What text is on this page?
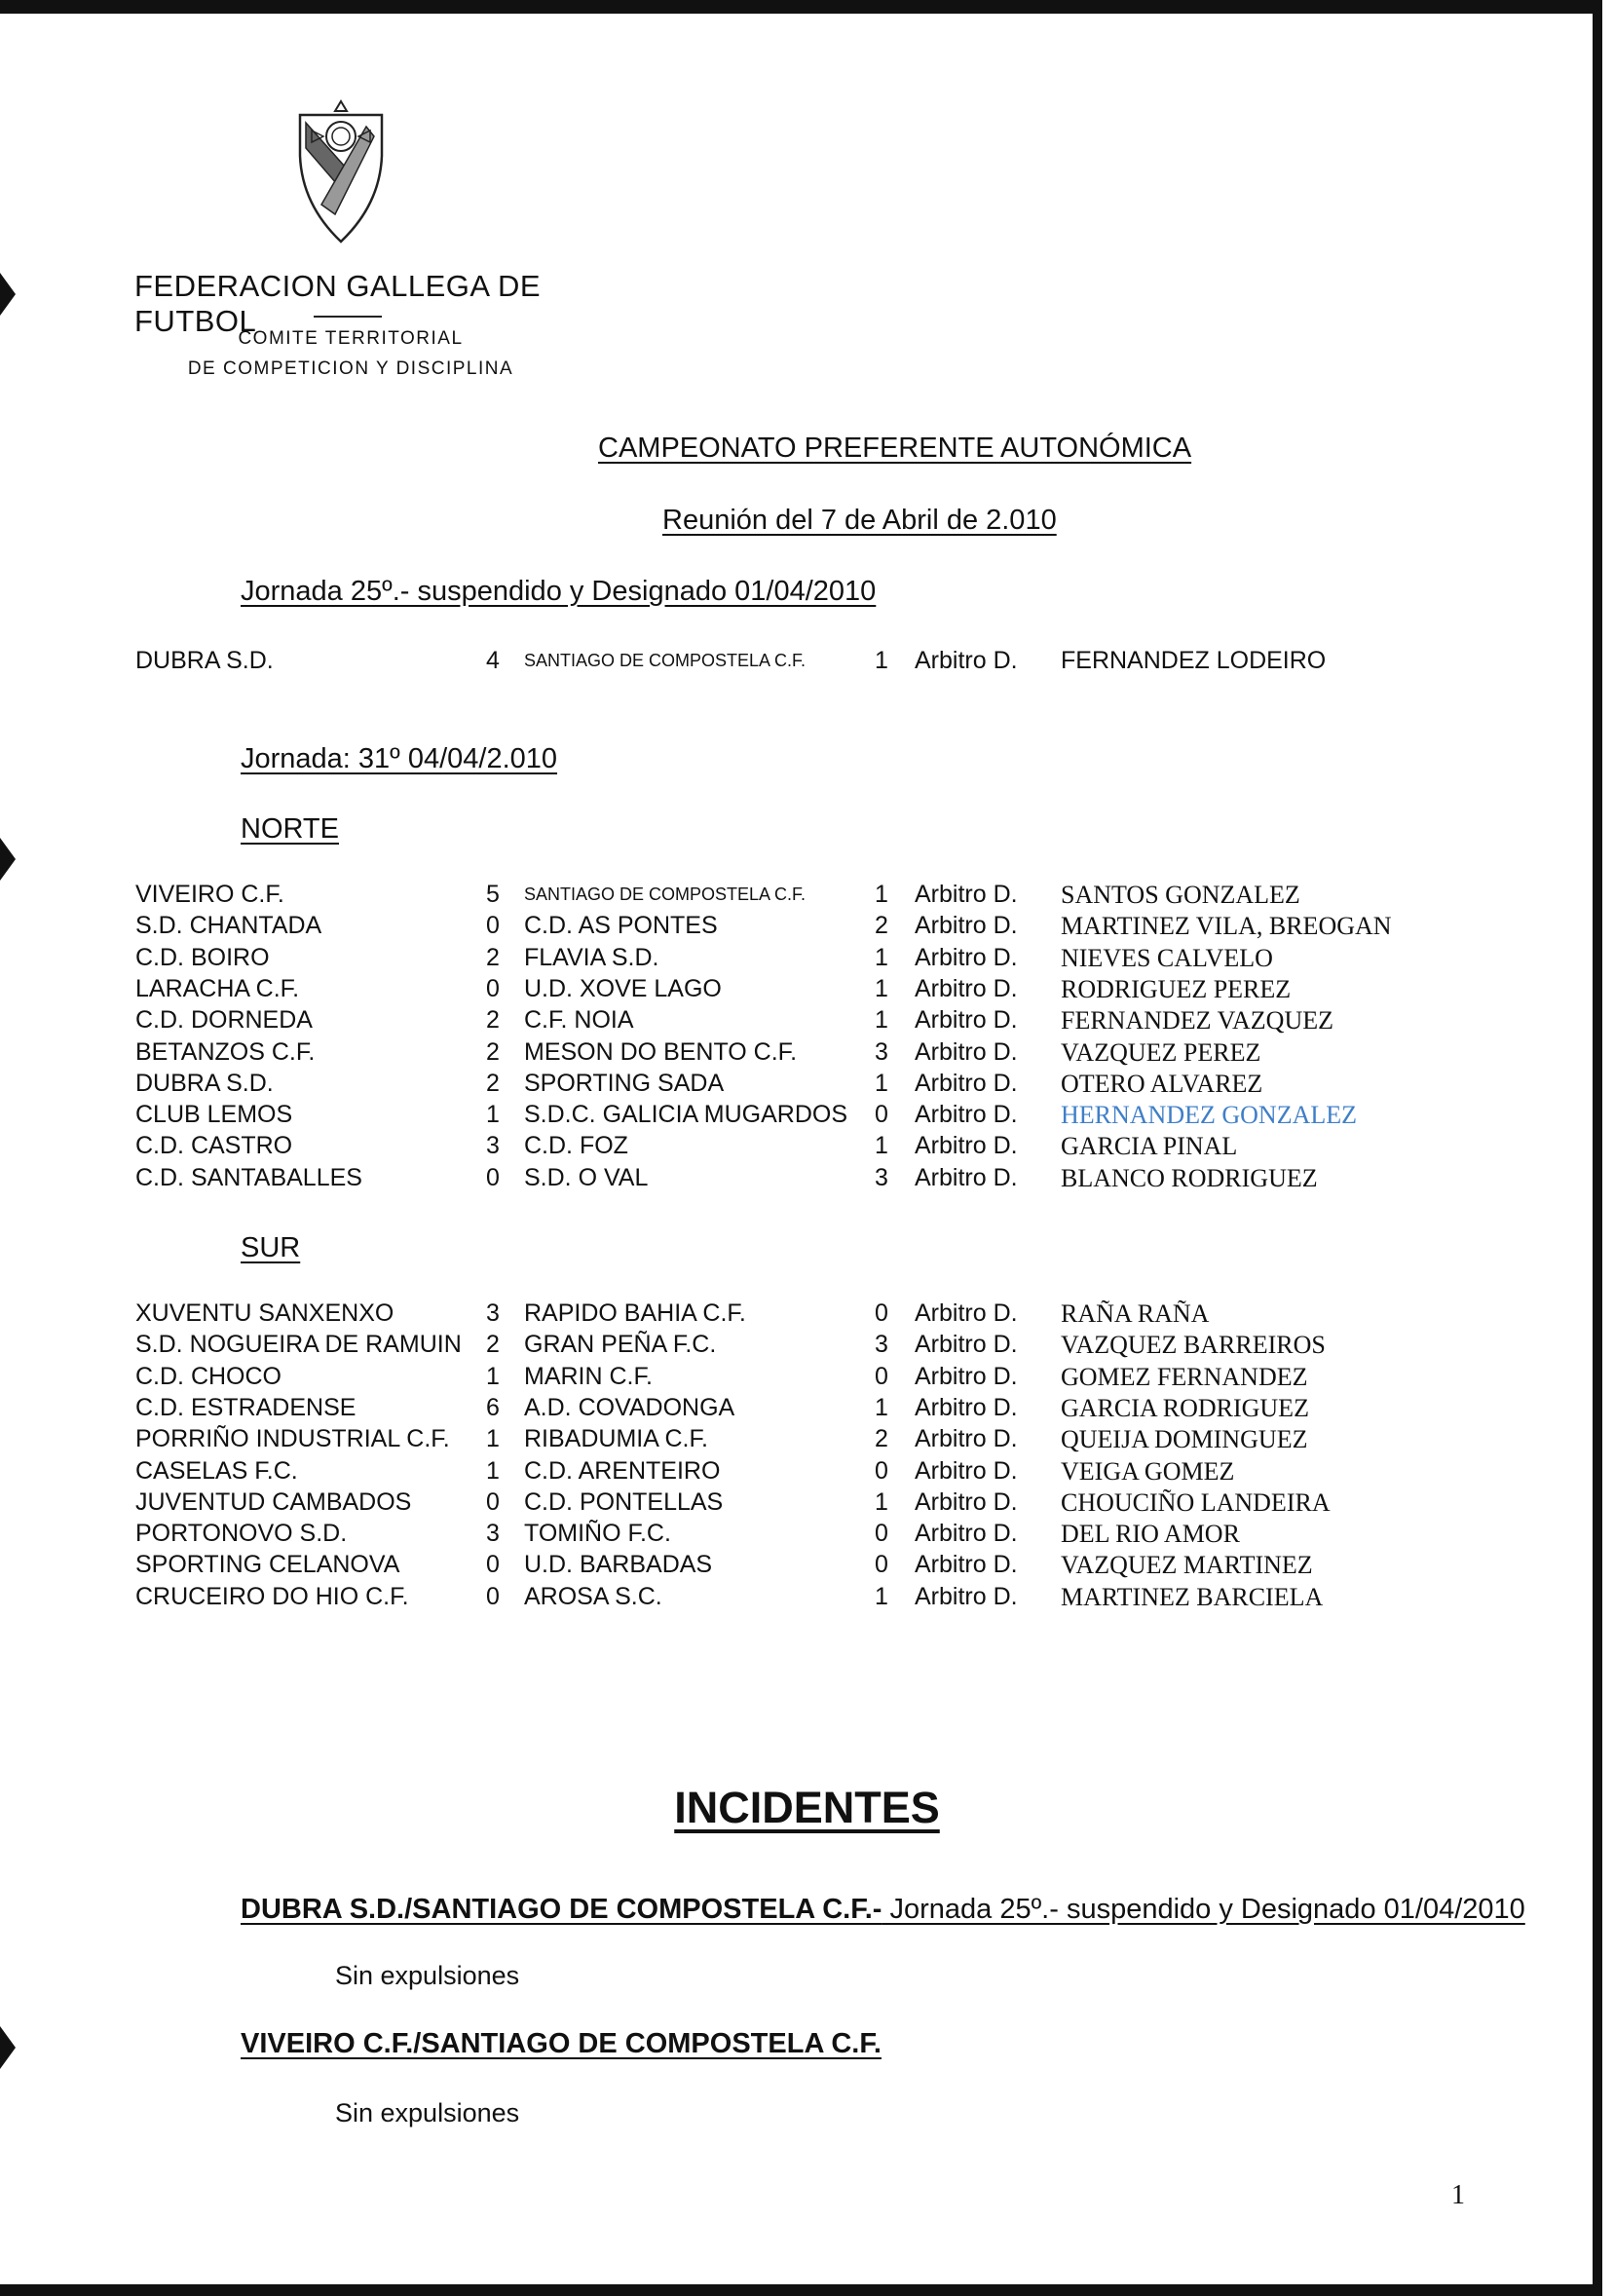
FEDERACION GALLEGA DE FUTBOL
COMITE TERRITORIAL
DE COMPETICION Y DISCIPLINA
CAMPEONATO PREFERENTE AUTONÓMICA
Reunión del 7 de Abril de 2.010
Jornada 25º.- suspendido y Designado 01/04/2010
DUBRA S.D.	4 SANTIAGO DE COMPOSTELA C.F.	1 Arbitro D. FERNANDEZ LODEIRO
Jornada: 31º 04/04/2.010
NORTE
VIVEIRO C.F.	5 SANTIAGO DE COMPOSTELA C.F.	1 Arbitro D. SANTOS GONZALEZ
S.D. CHANTADA	0 C.D. AS PONTES	2 Arbitro D. MARTINEZ VILA, BREOGAN
C.D. BOIRO	2 FLAVIA S.D.	1 Arbitro D. NIEVES CALVELO
LARACHA C.F.	0 U.D. XOVE LAGO	1 Arbitro D. RODRIGUEZ PEREZ
C.D. DORNEDA	2 C.F. NOIA	1 Arbitro D. FERNANDEZ VAZQUEZ
BETANZOS C.F.	2 MESON DO BENTO C.F.	3 Arbitro D. VAZQUEZ PEREZ
DUBRA S.D.	2 SPORTING SADA	1 Arbitro D. OTERO ALVAREZ
CLUB LEMOS	1 S.D.C. GALICIA MUGARDOS 0 Arbitro D. HERNANDEZ GONZALEZ
C.D. CASTRO	3 C.D. FOZ	1 Arbitro D. GARCIA PINAL
C.D. SANTABALLES	0 S.D. O VAL	3 Arbitro D. BLANCO RODRIGUEZ
SUR
XUVENTU SANXENXO	3 RAPIDO BAHIA C.F.	0 Arbitro D. RAÑA RAÑA
S.D. NOGUEIRA DE RAMUIN 2 GRAN PEÑA F.C.	3 Arbitro D. VAZQUEZ BARREIROS
C.D. CHOCO	1 MARIN C.F.	0 Arbitro D. GOMEZ FERNANDEZ
C.D. ESTRADENSE	6 A.D. COVADONGA	1 Arbitro D. GARCIA RODRIGUEZ
PORRIÑO INDUSTRIAL C.F. 1 RIBADUMIA C.F.	2 Arbitro D. QUEIJA DOMINGUEZ
CASELAS F.C.	1 C.D. ARENTEIRO	0 Arbitro D. VEIGA GOMEZ
JUVENTUD CAMBADOS	0 C.D. PONTELLAS	1 Arbitro D. CHOUCIÑO LANDEIRA
PORTONOVO S.D.	3 TOMIÑO F.C.	0 Arbitro D. DEL RIO AMOR
SPORTING CELANOVA	0 U.D. BARBADAS	0 Arbitro D. VAZQUEZ MARTINEZ
CRUCEIRO DO HIO C.F.	0 AROSA S.C.	1 Arbitro D. MARTINEZ BARCIELA
INCIDENTES
DUBRA S.D./SANTIAGO DE COMPOSTELA C.F.- Jornada 25º.- suspendido y Designado 01/04/2010
Sin expulsiones
VIVEIRO C.F./SANTIAGO DE COMPOSTELA C.F.
Sin expulsiones
1
